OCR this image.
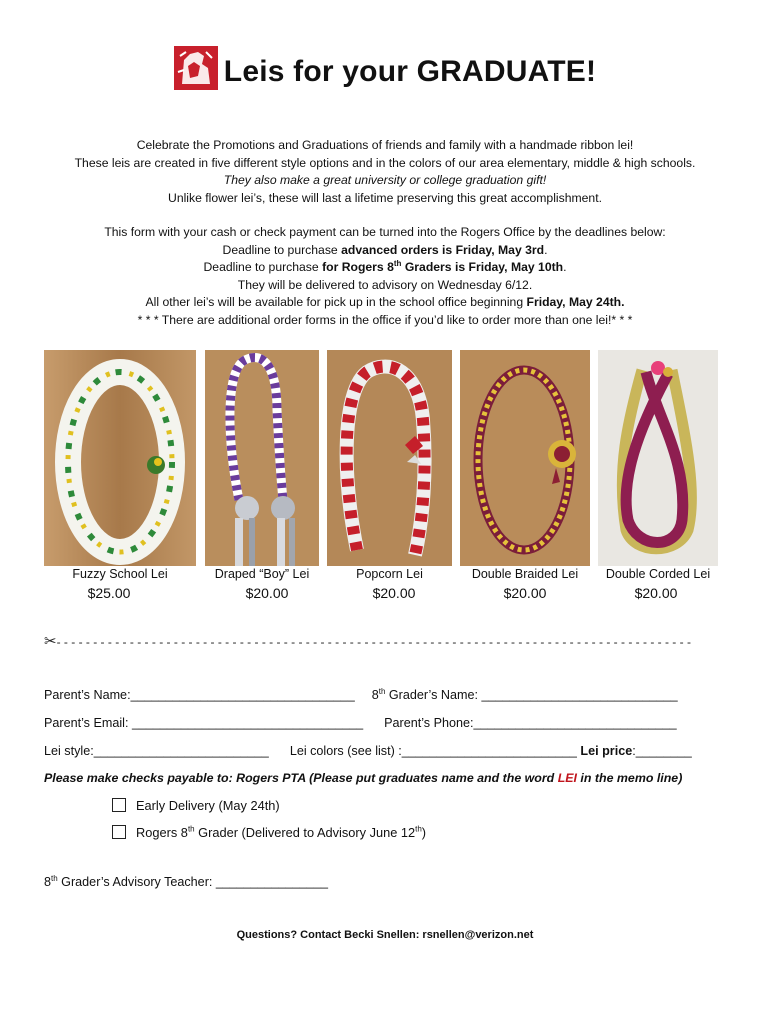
Leis for your GRADUATE!
Celebrate the Promotions and Graduations of friends and family with a handmade ribbon lei!
These leis are created in five different style options and in the colors of our area elementary, middle & high schools.
They also make a great university or college graduation gift!
Unlike flower lei’s, these will last a lifetime preserving this great accomplishment.
This form with your cash or check payment can be turned into the Rogers Office by the deadlines below:
Deadline to purchase advanced orders is Friday, May 3rd.
Deadline to purchase for Rogers 8th Graders is Friday, May 10th.
They will be delivered to advisory on Wednesday 6/12.
All other lei’s will be available for pick up in the school office beginning Friday, May 24th.
* * * There are additional order forms in the office if you’d like to order more than one lei!* * *
Fuzzy School Lei	Draped “Boy” Lei	Popcorn Lei	Double Braided Lei	Double Corded Lei
$25.00	$20.00	$20.00	$20.00	$20.00
✂- - - - - - - - - - - - - - - - - - - - - - - - - - - - - - - - - - - - - - - - - - - - - - - - - - - - - - - - - - - - - - - - - - - - - - - - - - - - - - - - - - - - - - -
Parent’s Name:________________________________ 8th Grader’s Name: ____________________________
Parent’s Email: _________________________________ Parent’s Phone:_____________________________
Lei style:_________________________ Lei colors (see list) :_________________________ Lei price:________
Please make checks payable to: Rogers PTA (Please put graduates name and the word LEI in the memo line)
Early Delivery (May 24th)
Rogers 8th Grader (Delivered to Advisory June 12th)
8th Grader’s Advisory Teacher: ________________
Questions? Contact Becki Snellen: rsnellen@verizon.net
